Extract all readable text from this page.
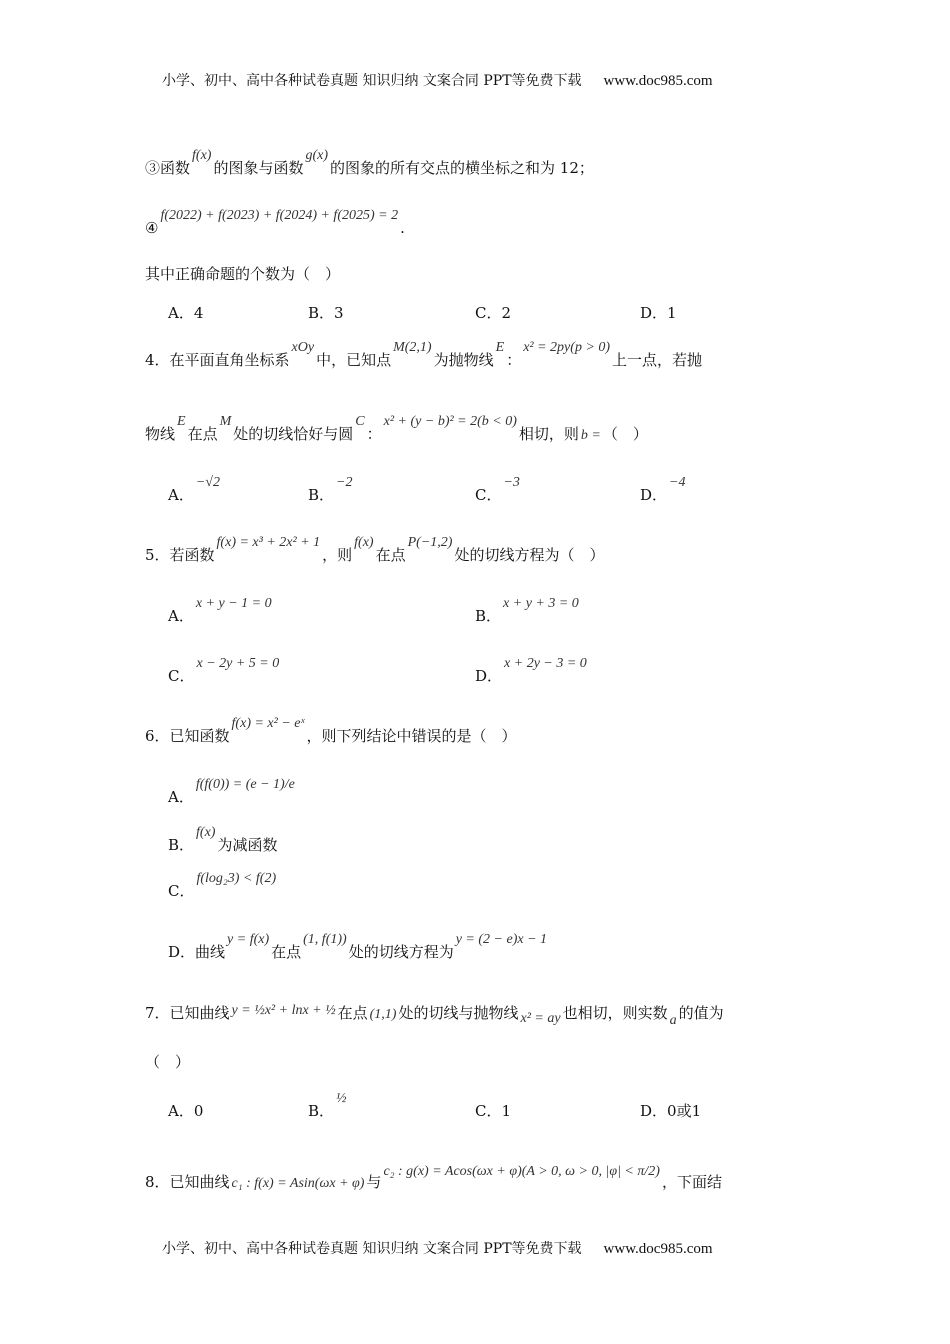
小学、初中、高中各种试卷真题 知识归纳 文案合同 PPT等免费下载 www.doc985.com
③函数f(x)的图象与函数g(x)的图象的所有交点的横坐标之和为 12；
④f(2022) + f(2023) + f(2024) + f(2025) = 2.
其中正确命题的个数为（　）
A．4	B．3	C．2	D．1
4．在平面直角坐标系xOy中，已知点M(2,1)为抛物线E：x² = 2py(p > 0)上一点，若抛
物线E在点M处的切线恰好与圆C：x² + (y − b)² = 2(b < 0)相切，则 b = （　）
A．−√2
B．−2
C．−3
D．−4
5．若函数f(x) = x³ + 2x² + 1，则f(x)在点P(−1,2)处的切线方程为（　）
A．x + y − 1 = 0
B．x + y + 3 = 0
C．x − 2y + 5 = 0
D．x + 2y − 3 = 0
6．已知函数f(x) = x² − eˣ，则下列结论中错误的是（　）
A．f(f(0)) = (e − 1)/e
B．f(x)为减函数
C．f(log₂3) < f(2)
D．曲线y = f(x)在点(1, f(1))处的切线方程为y = (2 − e)x − 1
7．已知曲线 y = ½x² + lnx + ½ 在点 (1,1) 处的切线与抛物线 x² = ay 也相切，则实数 a 的值为
（　）
A．0	B．½
C．1	D．0或1
8．已知曲线 c₁ : f(x) = Asin(ωx + φ) 与c₂ : g(x) = Acos(ωx + φ)(A > 0, ω > 0, |φ| < π/2)，下面结
小学、初中、高中各种试卷真题 知识归纳 文案合同 PPT等免费下载 www.doc985.com
